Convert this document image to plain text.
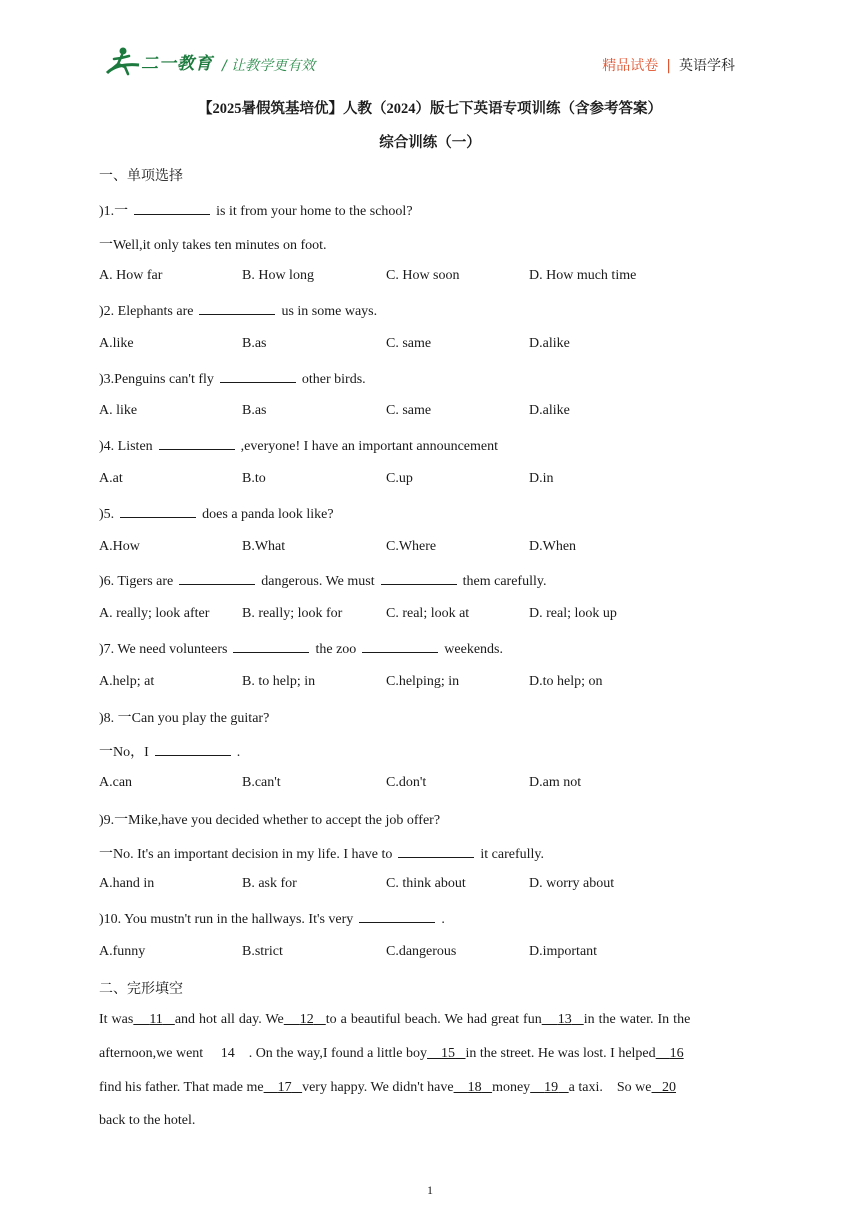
二一教育 / 让教学更有效	精品试卷 | 英语学科
【2025暑假筑基培优】人教（2024）版七下英语专项训练（含参考答案）
综合训练（一）
一、单项选择
)1.一	is it from your home to the school?
一Well,it only takes ten minutes on foot.
A. How far	B. How long	C. How soon	D. How much time
)2. Elephants are	us in some ways.
A.like	B.as	C. same	D.alike
)3.Penguins can't fly	other birds.
A. like	B.as	C. same	D.alike
)4. Listen	,everyone! I have an important announcement
A.at	B.to	C.up	D.in
)5.	does a panda look like?
A.How	B.What	C.Where	D.When
)6. Tigers are	dangerous. We must	them carefully.
A. really; look after B. really; look for	C. real; look at	D. real; look up
)7. We need volunteers	the zoo	weekends.
A.help; at	B. to help; in	C.helping; in	D.to help; on
)8. 一Can you play the guitar?
一No，I	.
A.can	B.can't	C.don't	D.am not
)9.一Mike,have you decided whether to accept the job offer?
一No. It's an important decision in my life. I have to	it carefully.
A.hand in	B. ask for	C. think about	D. worry about
)10. You mustn't run in the hallways. It's very	.
A.funny	B.strict	C.dangerous	D.important
二、完形填空
It was 11 and hot all day. We 12 to a beautiful beach. We had great fun 13 in the water. In the
afternoon,we went 14 . On the way,I found a little boy 15 in the street. He was lost. I helped 16
find his father. That made me 17 very happy. We didn't have 18 money 19 a taxi. So we 20
back to the hotel.
1
